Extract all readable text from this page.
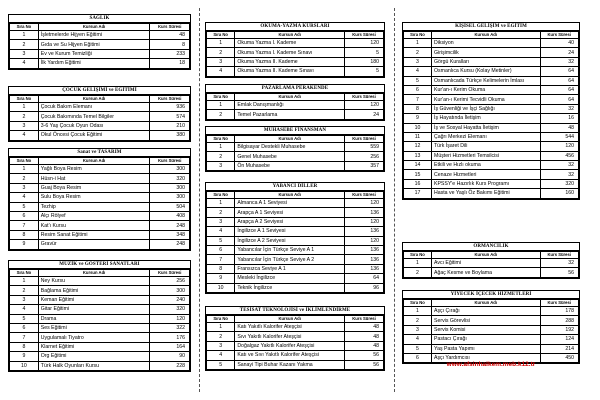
SAĞLIK
Sıra No	Kursun Adı	Kurs Süresi
1	İşletmelerde Hijyen Eğitimi	48
2	Gıda ve Su Hijyen Eğitimi	8
3	Ev ve Kurum Temizliği	233
4	İlk Yardım Eğitimi	18
ÇOCUK GELİŞİMİ ve EĞİTİMİ
Sıra No	Kursun Adı	Kurs Süresi
1	Çocuk Bakım Elemanı	936
2	Çocuk Bakımında Temel Bilgiler	574
3	3-6 Yaş Çocuk Oyun Odası	210
4	Okul Öncesi Çocuk Eğitimi	380
Sanat ve TASARIM
Sıra No	Kursun Adı	Kurs Süresi
1	Yağlı Boya Resim	300
2	Hüsn-i Hat	320
3	Guaj Boya Resim	300
4	Sulu Boya Resim	300
5	Tezhip	504
6	Alçı Rölyef	408
7	Kat'ı Kursu	248
8	Resim Sanat Eğitimi	348
9	Gravür	248
MÜZİK ve GÖSTERİ SANATLARI
Sıra No	Kursun Adı	Kurs Süresi
1	Ney Kursu	256
2	Bağlama Eğitimi	300
3	Keman Eğitimi	240
4	Gitar Eğitimi	320
5	Drama	120
6	Ses Eğitimi	322
7	Uygulamalı Tiyatro	176
8	Klarnet Eğitimi	164
9	Org Eğitimi	90
10	Türk Halk Oyunları Kursu	228
OKUMA-YAZMA KURSLARI
Sıra No	Kursun Adı	Kurs Süresi
1	Okuma Yazma I. Kademe	120
2	Okuma Yazma I. Kademe Sınavı	5
3	Okuma Yazma II. Kademe	180
4	Okuma Yazma II. Kademe Sınavı	5
PAZARLAMA PERAKENDE
Sıra No	Kursun Adı	Kurs Süresi
1	Emlak Danışmanlığı	120
2	Temel Pazarlama	24
MUHASEBE FİNANSMAN
Sıra No	Kursun Adı	Kurs Süresi
1	Bilgisayar Destekli Muhasebe	559
2	Genel Muhasebe	256
3	Ön Muhasebe	357
YABANCI DİLLER
Sıra No	Kursun Adı	Kurs Süresi
1	Almanca A 1 Seviyesi	120
2	Arapça A 1 Seviyesi	136
3	Arapça A 2 Seviyesi	120
4	İngilizce A 1 Seviyesi	136
5	İngilizce A 2 Seviyesi	120
6	Yabancılar İçin Türkçe Seviye A 1	136
7	Yabancılar İçin Türkçe Seviye A 2	136
8	Fransızca Seviye A 1	136
9	Mesleki İngilizce	64
10	Teknik İngilizce	96
TESİSAT TEKNOLOJİSİ ve İKLİMLENDİRME
Sıra No	Kursun Adı	Kurs Süresi
1	Katı Yakıtlı Kalorifer Ateşçisi	48
2	Sıvı Yakıtlı Kalorifer Ateşçisi	48
3	Doğalgaz Yakıtlı Kalorifer Ateşçisi	48
4	Katı ve Sıvı Yakıtlı Kalorifer Ateşçisi	56
5	Sanayi Tipi Buhar Kazanı Yakma	56
KİŞİSEL GELİŞİM ve EĞİTİM
Sıra No	Kursun Adı	Kurs Süresi
1	Diksiyon	40
2	Girişimcilik	24
3	Görgü Kuralları	32
4	Osmanlıca Kursu (Kolay Metinler)	64
5	Osmanlıcada Türkçe Kelimelerin İmlası	64
6	Kur'an-ı Kerim Okuma	64
7	Kur'an-ı Kerimi Tecvidli Okuma	64
8	İş Güvenliği ve İşçi Sağlığı	32
9	İş Hayatında İletişim	16
10	İş ve Sosyal Hayatta İletişim	48
11	Çağrı Merkezi Elemanı	544
12	Türk İşaret Dili	120
13	Müşteri Hizmetleri Temsilcisi	456
14	Etkili ve Hızlı okuma	32
15	Cenaze Hizmetleri	32
16	KPSSY'e Hazırlık Kurs Programı	320
17	Hasta ve Yaşlı Öz Bakımı Eğitimi	160
ORMANCILIK
Sıra No	Kursun Adı	Kurs Süresi
1	Avcı Eğitimi	32
2	Ağaç Kesme ve Boylama	56
YİYECEK İÇECEK HİZMETLERİ
Sıra No	Kursun Adı	Kurs Süresi
1	Aşçı Çırağı	178
2	Servis Görevlisi	288
3	Servis Komisi	192
4	Pastacı Çırağı	124
5	Yaş Pasta Yapımı	214
6	Aşçı Yardımcısı	450
www.afsinhalkem.meb.k12.tr
